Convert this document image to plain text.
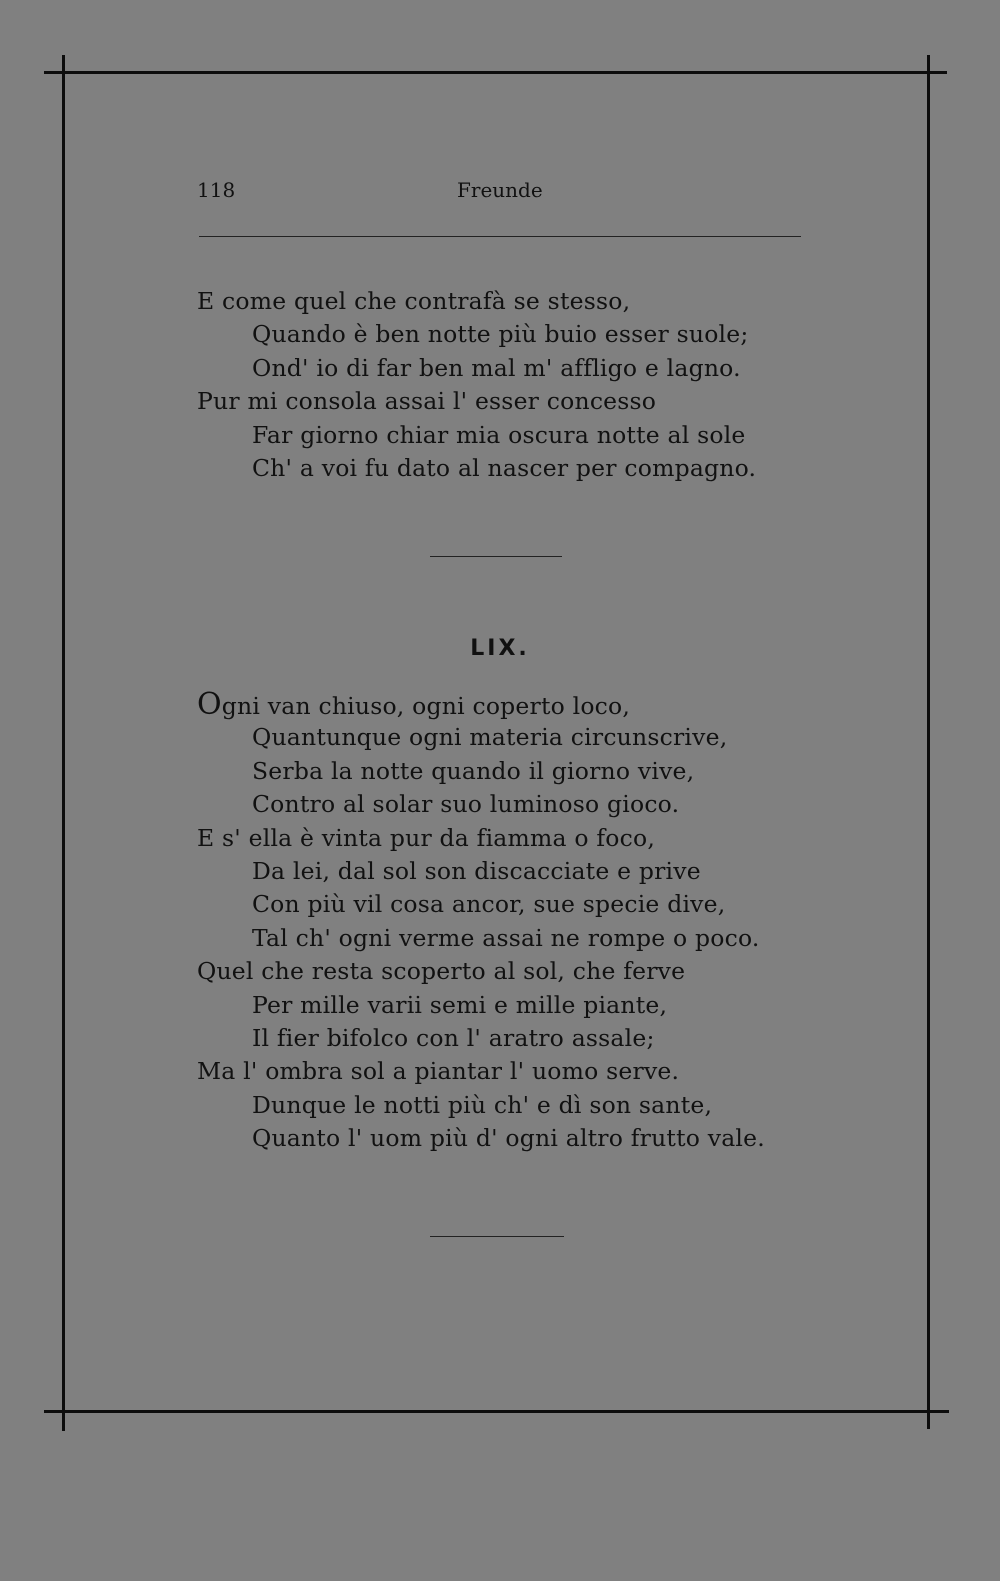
118	Freunde
E come quel che contrafà se stesso,
Quando è ben notte più buio esser suole;
Ond' io di far ben mal m' affligo e lagno.
Pur mi consola assai l' esser concesso
Far giorno chiar mia oscura notte al sole
Ch' a voi fu dato al nascer per compagno.
LIX.
Ogni van chiuso, ogni coperto loco,
Quantunque ogni materia circunscrive,
Serba la notte quando il giorno vive,
Contro al solar suo luminoso gioco.
E s' ella è vinta pur da fiamma o foco,
Da lei, dal sol son discacciate e prive
Con più vil cosa ancor, sue specie dive,
Tal ch' ogni verme assai ne rompe o poco.
Quel che resta scoperto al sol, che ferve
Per mille varii semi e mille piante,
Il fier bifolco con l' aratro assale;
Ma l' ombra sol a piantar l' uomo serve.
Dunque le notti più ch' e dì son sante,
Quanto l' uom più d' ogni altro frutto vale.
